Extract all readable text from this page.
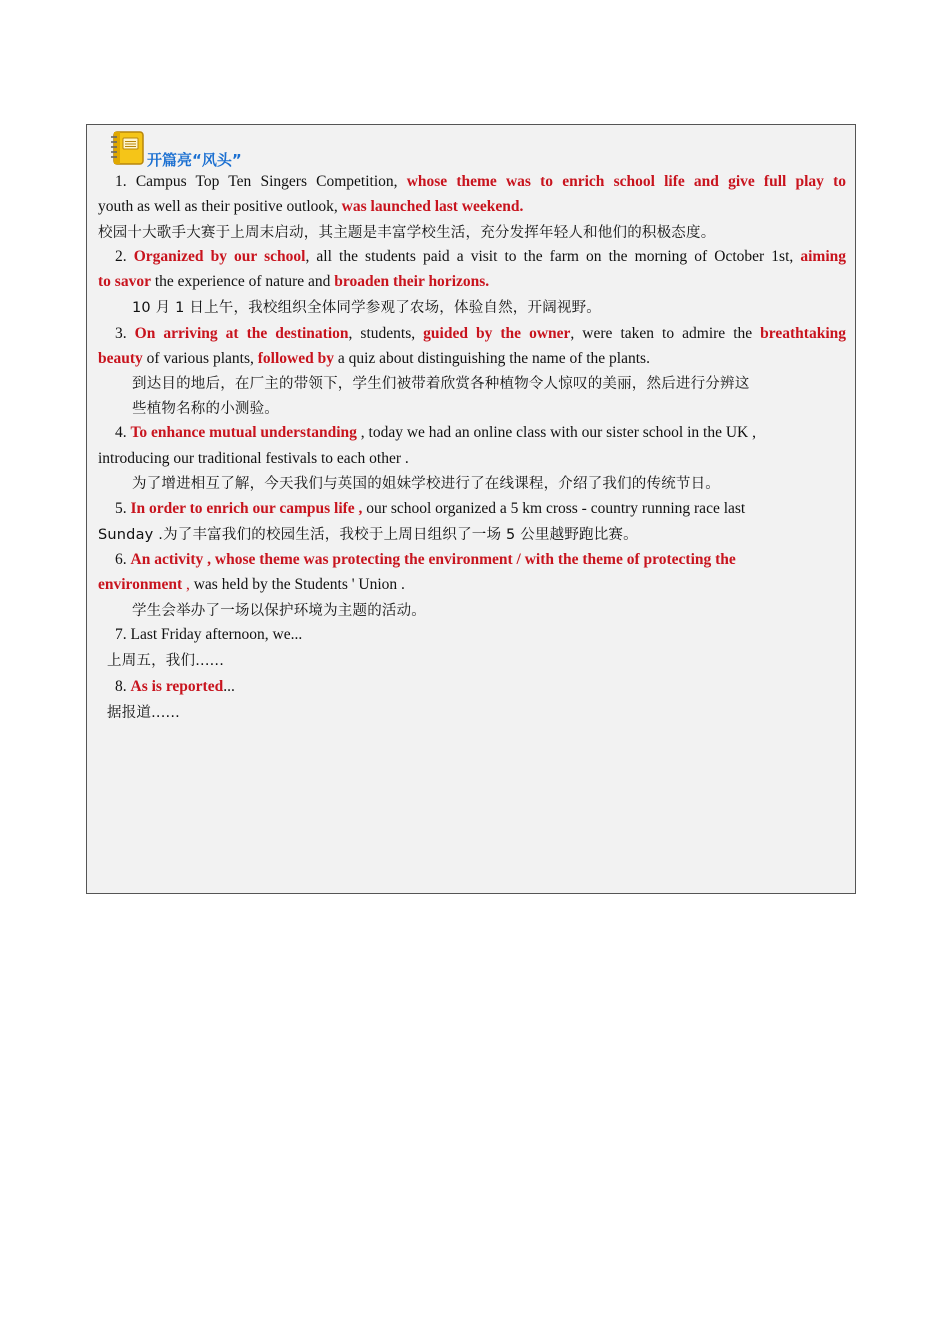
开篇亮“风头”
1. Campus Top Ten Singers Competition, whose theme was to enrich school life and give full play to
youth as well as their positive outlook, was launched last weekend.
校园十大歌手大赛于上周末启动，其主题是丰富学校生活，充分发挥年轻人和他们的积极态度。
2. Organized by our school, all the students paid a visit to the farm on the morning of October 1st, aiming
to savor the experience of nature and broaden their horizons.
10 月 1 日上午，我校组织全体同学参观了农场，体验自然，开阔视野。
3. On arriving at the destination, students, guided by the owner, were taken to admire the breathtaking
beauty of various plants, followed by a quiz about distinguishing the name of the plants.
到达目的地后，在厂主的带领下，学生们被带着欣赏各种植物令人惊叹的美丽，然后进行分辨这
些植物名称的小测验。
4. To enhance mutual understanding , today we had an online class with our sister school in the UK ,
introducing our traditional festivals to each other .
为了增进相互了解，今天我们与英国的姐妹学校进行了在线课程，介绍了我们的传统节日。
5. In order to enrich our campus life , our school organized a 5 km cross - country running race last
Sunday .为了丰富我们的校园生活，我校于上周日组织了一场 5 公里越野跑比赛。
6. An activity , whose theme was protecting the environment / with the theme of protecting the
environment , was held by the Students ' Union .
学生会举办了一场以保护环境为主题的活动。
7. Last Friday afternoon, we...
上周五，我们......
8. As is reported...
据报道......
